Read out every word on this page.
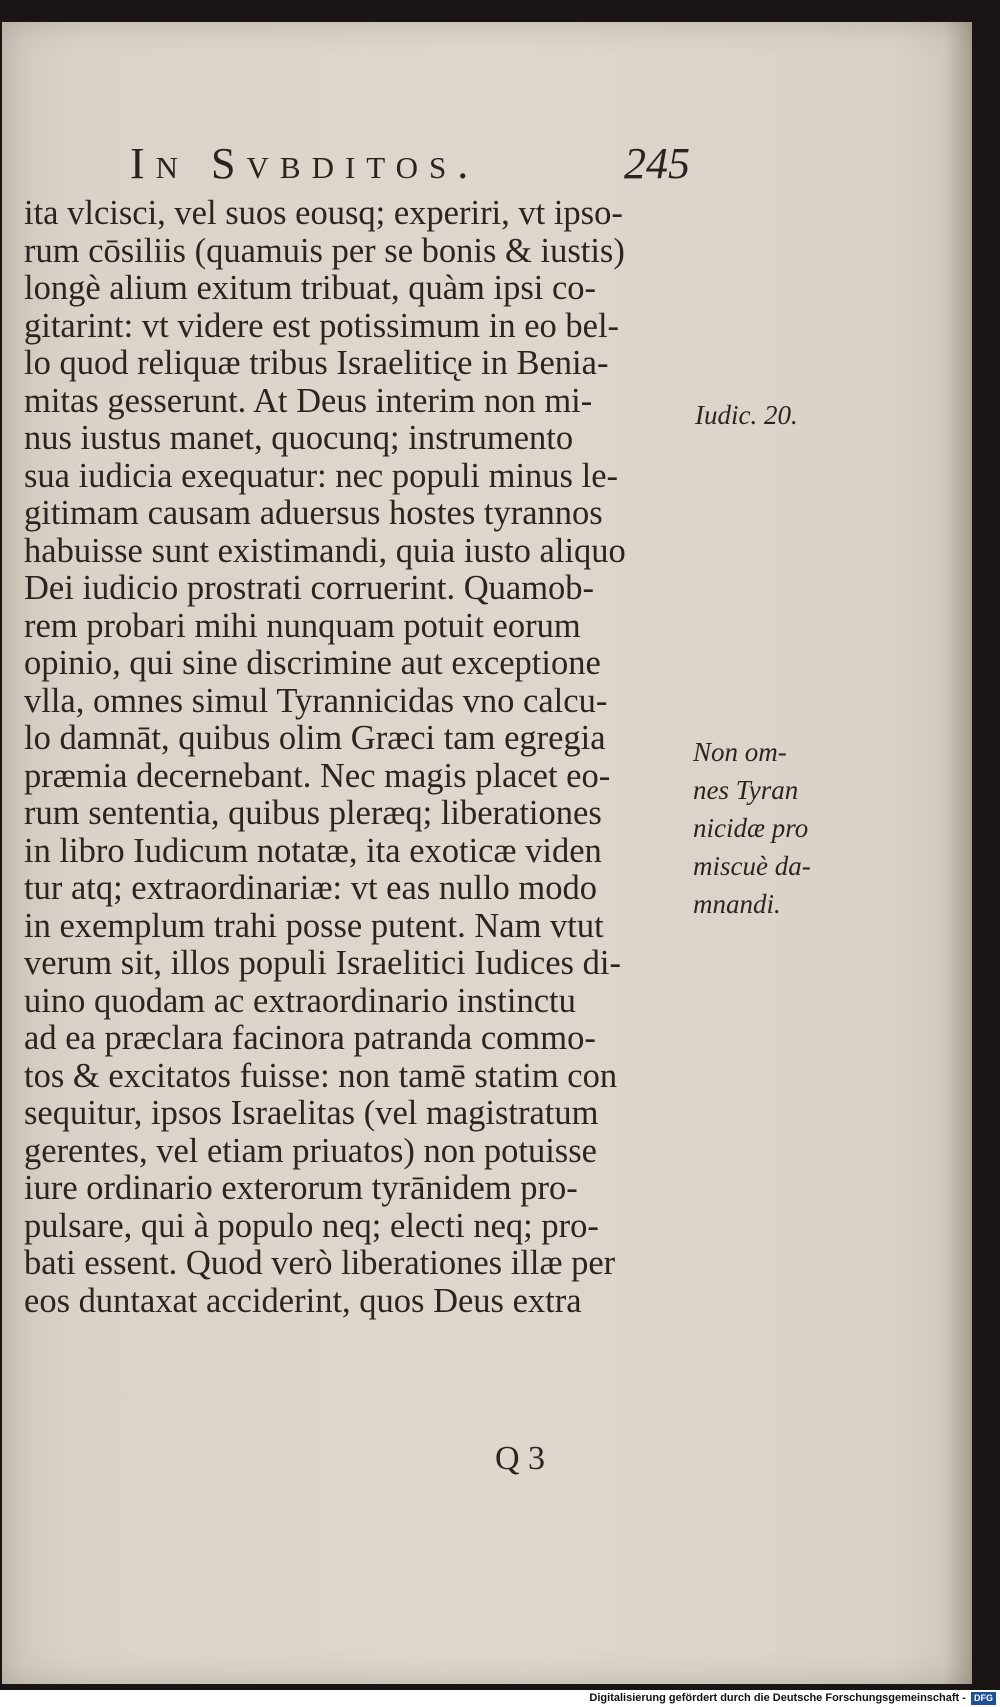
In Svbditos.	245
ita vlcisci, vel suos eousq; experiri, vt ipso-
rum cōsiliis (quamuis per se bonis & iustis)
longè alium exitum tribuat, quàm ipsi co-
gitarint: vt videre est potissimum in eo bel-
lo quod reliquæ tribus Israelitic̨e in Benia-
mitas gesserunt. At Deus interim non mi-
nus iustus manet, quocunq; instrumento
sua iudicia exequatur: nec populi minus le-
gitimam causam aduersus hostes tyrannos
habuisse sunt existimandi, quia iusto aliquo
Dei iudicio prostrati corruerint. Quamob-
rem probari mihi nunquam potuit eorum
opinio, qui sine discrimine aut exceptione
vlla, omnes simul Tyrannicidas vno calcu-
lo damnāt, quibus olim Græci tam egregia
præmia decernebant. Nec magis placet eo-
rum sententia, quibus pleræq; liberationes
in libro Iudicum notatæ, ita exoticæ viden
tur atq; extraordinariæ: vt eas nullo modo
in exemplum trahi posse putent. Nam vtut
verum sit, illos populi Israelitici Iudices di-
uino quodam ac extraordinario instinctu
ad ea præclara facinora patranda commo-
tos & excitatos fuisse: non tamē statim con
sequitur, ipsos Israelitas (vel magistratum
gerentes, vel etiam priuatos) non potuisse
iure ordinario exterorum tyrānidem pro-
pulsare, qui à populo neq; electi neq; pro-
bati essent. Quod verò liberationes illæ per
eos duntaxat acciderint, quos Deus extra
Iudic. 20.
Non om-
nes Tyran
nicidæ pro
miscuè da-
mnandi.
Q 3
Digitalisierung gefördert durch die Deutsche Forschungsgemeinschaft - DFG
